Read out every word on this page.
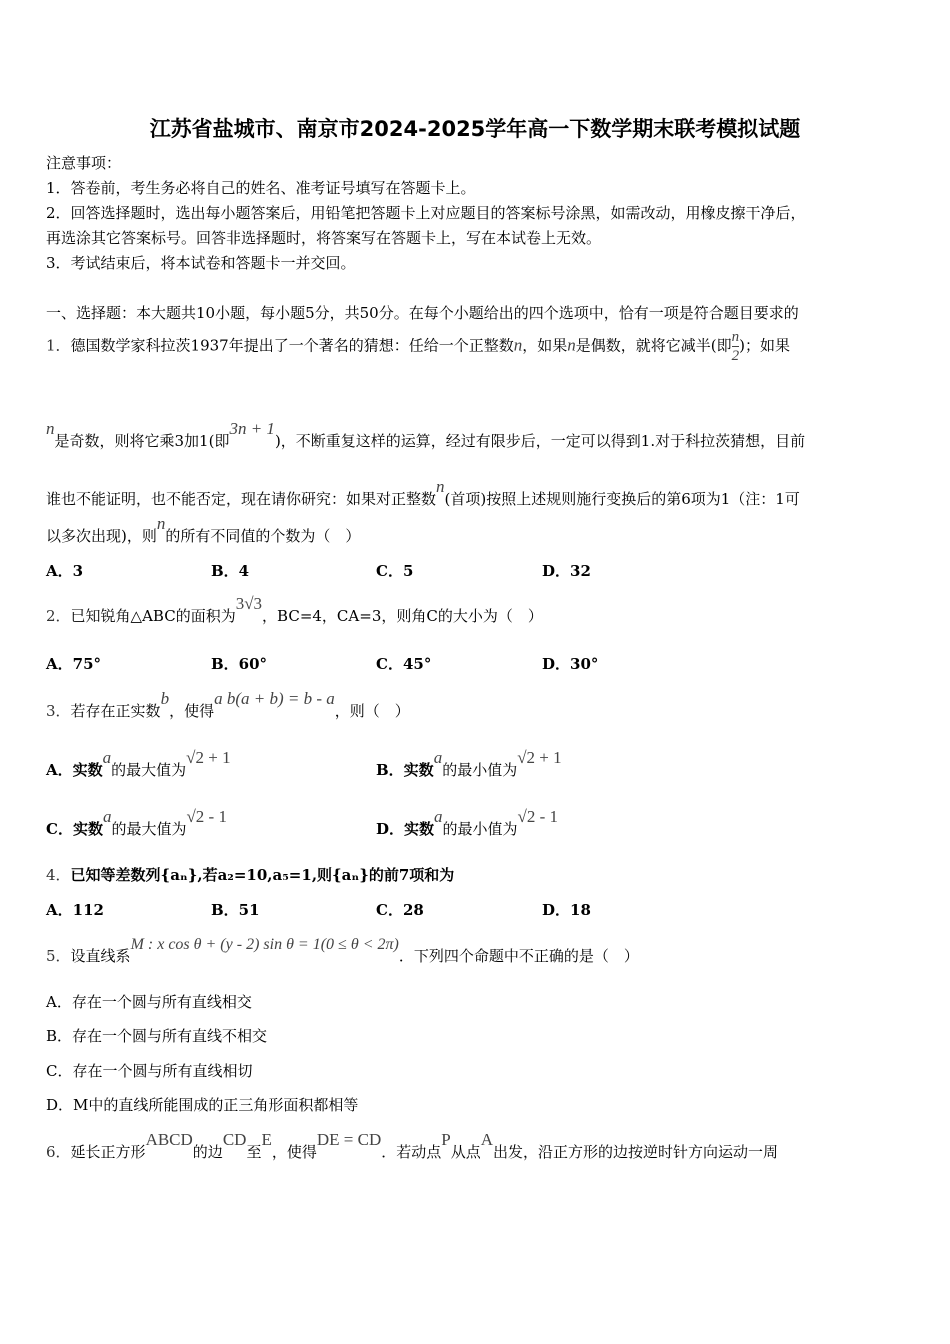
江苏省盐城市、南京市2024-2025学年高一下数学期末联考模拟试题
注意事项：
1．答卷前，考生务必将自己的姓名、准考证号填写在答题卡上。
2．回答选择题时，选出每小题答案后，用铅笔把答题卡上对应题目的答案标号涂黑，如需改动，用橡皮擦干净后，
再选涂其它答案标号。回答非选择题时，将答案写在答题卡上，写在本试卷上无效。
3．考试结束后，将本试卷和答题卡一并交回。
一、选择题：本大题共10小题，每小题5分，共50分。在每个小题给出的四个选项中，恰有一项是符合题目要求的
1．德国数学家科拉茨1937年提出了一个著名的猜想：任给一个正整数n，如果n是偶数，就将它减半(即 $\frac{n}{2}$ )；如果
n是奇数，则将它乘3加1(即3n + 1)，不断重复这样的运算，经过有限步后，一定可以得到1.对于科拉茨猜想，目前
谁也不能证明，也不能否定，现在请你研究：如果对正整数n(首项)按照上述规则施行变换后的第6项为1（注：1可
以多次出现)，则n的所有不同值的个数为（　）
A．3	B．4	C．5	D．32
2．已知锐角△ABC的面积为3√3，BC=4，CA=3，则角C的大小为（　）
A．75°	B．60°	C．45°	D．30°
3．若存在正实数b，使得a b(a + b) = b - a，则（　）
A．实数a的最大值为√2 + 1
B．实数a的最小值为√2 + 1
C．实数a的最大值为√2 - 1
D．实数a的最小值为√2 - 1
4．已知等差数列{aₙ},若a₂=10,a₅=1,则{aₙ}的前7项和为
A．112	B．51	C．28	D．18
5．设直线系M : x cos θ + (y - 2) sin θ = 1(0 ≤ θ < 2π)．下列四个命题中不正确的是（　）
A．存在一个圆与所有直线相交
B．存在一个圆与所有直线不相交
C．存在一个圆与所有直线相切
D．M中的直线所能围成的正三角形面积都相等
6．延长正方形ABCD的边CD至E，使得DE = CD．若动点P从点A出发，沿正方形的边按逆时针方向运动一周
